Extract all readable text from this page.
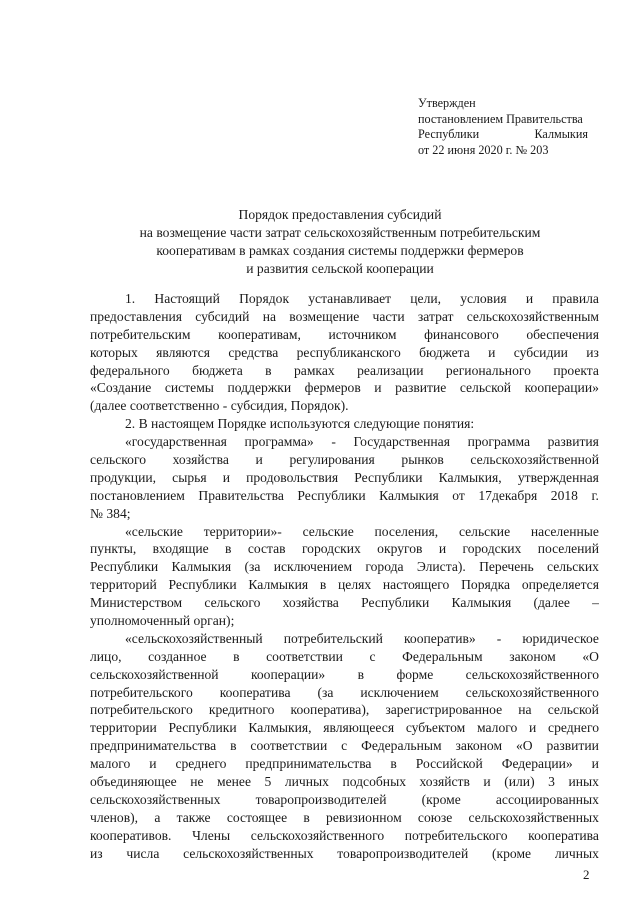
Утвержден
постановлением Правительства
Республики	Калмыкия
от 22 июня 2020 г. № 203
Порядок предоставления субсидий
на возмещение части затрат сельскохозяйственным потребительским
кооперативам в рамках создания системы поддержки фермеров
и развития сельской кооперации
1. Настоящий Порядок устанавливает цели, условия и правила
предоставления субсидий на возмещение части затрат сельскохозяйственным
потребительским кооперативам, источником финансового обеспечения
которых являются средства республиканского бюджета и субсидии из
федерального бюджета в рамках реализации регионального проекта
«Создание системы поддержки фермеров и развитие сельской кооперации»
(далее соответственно - субсидия, Порядок).
2. В настоящем Порядке используются следующие понятия:
«государственная программа» - Государственная программа развития
сельского хозяйства и регулирования рынков сельскохозяйственной
продукции, сырья и продовольствия Республики Калмыкия, утвержденная
постановлением Правительства Республики Калмыкия от 17декабря 2018 г.
№ 384;
«сельские территории»- сельские поселения, сельские населенные
пункты, входящие в состав городских округов и городских поселений
Республики Калмыкия (за исключением города Элиста). Перечень сельских
территорий Республики Калмыкия в целях настоящего Порядка определяется
Министерством сельского хозяйства Республики Калмыкия (далее –
уполномоченный орган);
«сельскохозяйственный потребительский кооператив» - юридическое
лицо, созданное в соответствии с Федеральным законом «О
сельскохозяйственной кооперации» в форме сельскохозяйственного
потребительского кооператива (за исключением сельскохозяйственного
потребительского кредитного кооператива), зарегистрированное на сельской
территории Республики Калмыкия, являющееся субъектом малого и среднего
предпринимательства в соответствии с Федеральным законом «О развитии
малого и среднего предпринимательства в Российской Федерации» и
объединяющее не менее 5 личных подсобных хозяйств и (или) 3 иных
сельскохозяйственных	товаропроизводителей	(кроме	ассоциированных
членов), а также состоящее в ревизионном союзе сельскохозяйственных
кооперативов. Члены сельскохозяйственного потребительского кооператива
из числа сельскохозяйственных товаропроизводителей (кроме личных
2
